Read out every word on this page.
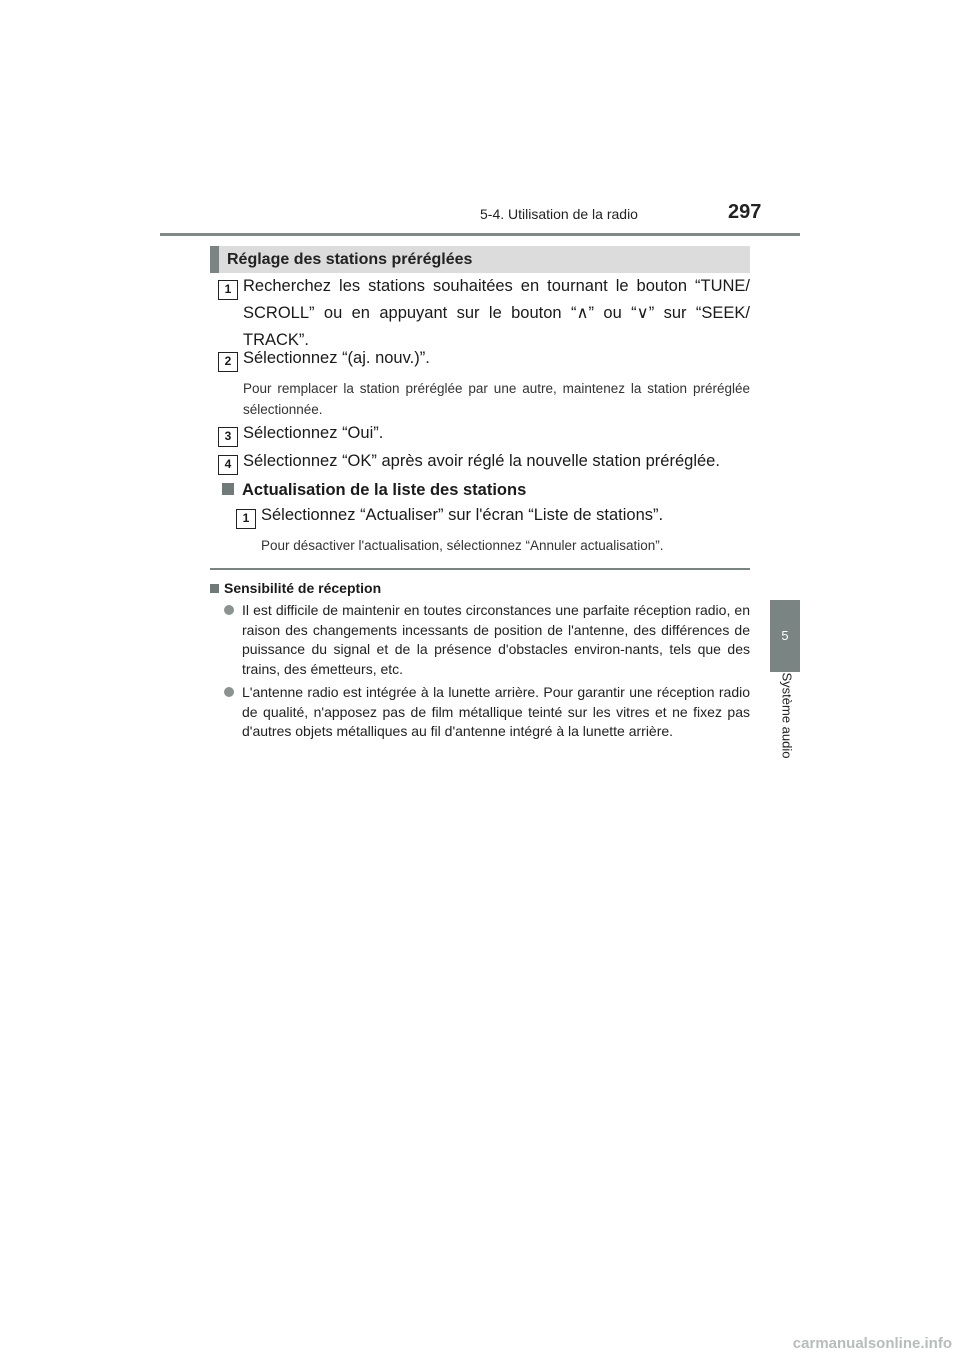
5-4. Utilisation de la radio	297
5
Système audio
Réglage des stations préréglées
1 Recherchez les stations souhaitées en tournant le bouton “TUNE/ SCROLL” ou en appuyant sur le bouton “∧” ou “∨” sur “SEEK/ TRACK”.
2 Sélectionnez “(aj. nouv.)”.
Pour remplacer la station préréglée par une autre, maintenez la station préréglée sélectionnée.
3 Sélectionnez “Oui”.
4 Sélectionnez “OK” après avoir réglé la nouvelle station préréglée.
Actualisation de la liste des stations
1 Sélectionnez “Actualiser” sur l'écran “Liste de stations”.
Pour désactiver l'actualisation, sélectionnez “Annuler actualisation”.
Sensibilité de réception
Il est difficile de maintenir en toutes circonstances une parfaite réception radio, en raison des changements incessants de position de l'antenne, des différences de puissance du signal et de la présence d'obstacles environ-nants, tels que des trains, des émetteurs, etc.
L'antenne radio est intégrée à la lunette arrière. Pour garantir une réception radio de qualité, n'apposez pas de film métallique teinté sur les vitres et ne fixez pas d'autres objets métalliques au fil d'antenne intégré à la lunette arrière.
carmanualsonline.info
